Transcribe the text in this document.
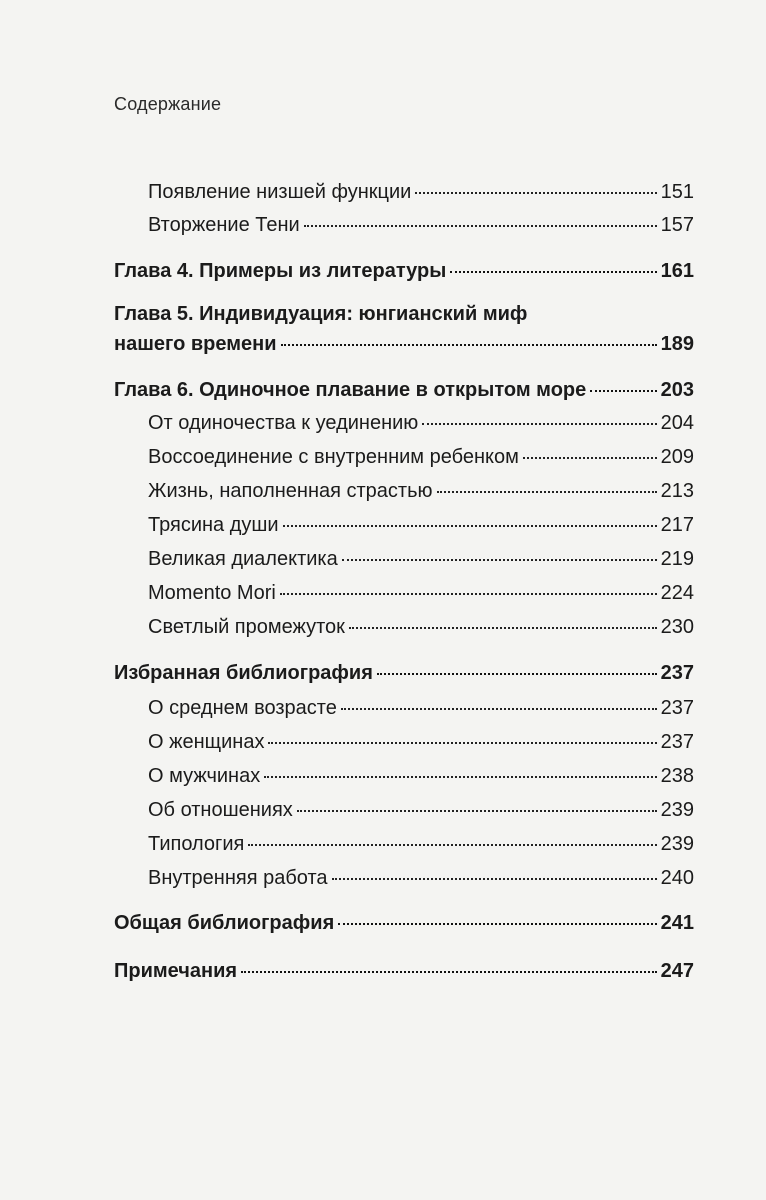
Содержание
Появление низшей функции	151
Вторжение Тени	157
Глава 4. Примеры из литературы	161
Глава 5. Индивидуация: юнгианский миф
нашего времени	189
Глава 6. Одиночное плавание в открытом море	203
От одиночества к уединению	204
Воссоединение с внутренним ребенком	209
Жизнь, наполненная страстью	213
Трясина души	217
Великая диалектика	219
Momento Mori	224
Светлый промежуток	230
Избранная библиография	237
О среднем возрасте	237
О женщинах	237
О мужчинах	238
Об отношениях	239
Типология	239
Внутренняя работа	240
Общая библиография	241
Примечания	247
